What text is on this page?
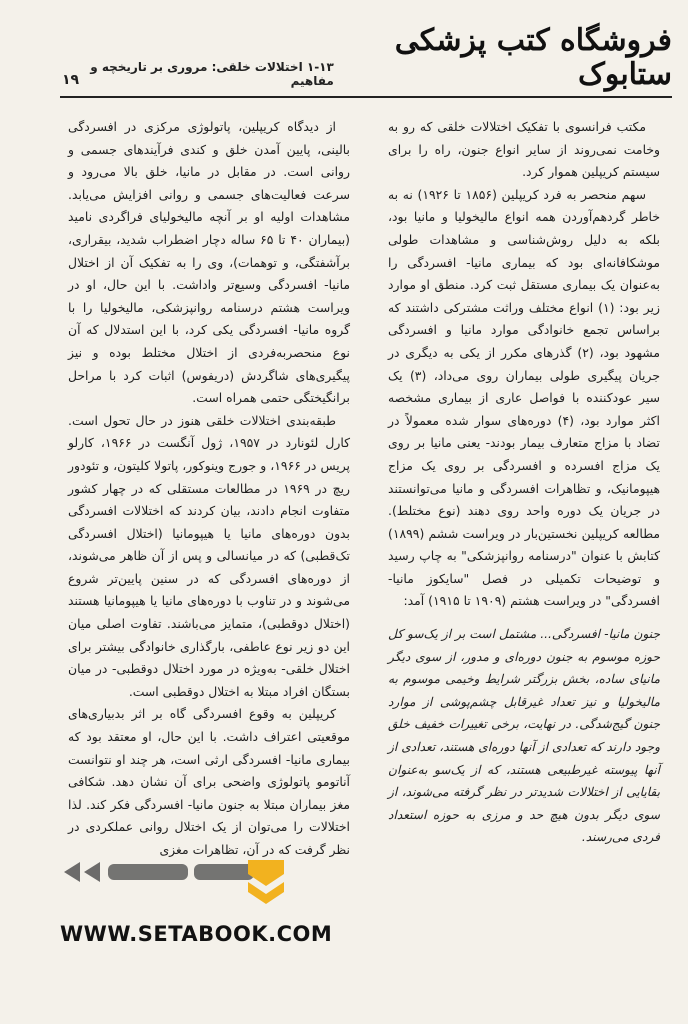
۱۹
فروشگاه کتب پزشکی ستابوک
۱-۱۳ اختلالات خلقی: مروری بر تاریخچه و مفاهیم

مکتب فرانسوی با تفکیک اختلالات خلقی که رو به وخامت نمی‌روند از سایر انواع جنون، راه را برای سیستم کریپلین هموار کرد.

سهم منحصر به فرد کریپلین (۱۸۵۶ تا ۱۹۲۶) نه به خاطر گردهم‌آوردن همه انواع مالیخولیا و مانیا بود، بلکه به دلیل روش‌شناسی و مشاهدات طولی موشکافانه‌ای بود که بیماری مانیا- افسردگی را به‌عنوان یک بیماری مستقل ثبت کرد. منطق او موارد زیر بود: (۱) انواع مختلف وراثت مشترکی داشتند که براساس تجمع خانوادگی موارد مانیا و افسردگی مشهود بود، (۲) گذرهای مکرر از یکی به دیگری در جریان پیگیری طولی بیماران روی می‌داد، (۳) یک سیر عودکننده با فواصل عاری از بیماری مشخصه اکثر موارد بود، (۴) دوره‌های سوار شده معمولاً در تضاد با مزاج متعارف بیمار بودند- یعنی مانیا بر روی یک مزاج افسرده و افسردگی بر روی یک مزاج هیپومانیک، و تظاهرات افسردگی و مانیا می‌توانستند در جریان یک دوره واحد روی دهند (نوع مختلط). مطالعه کریپلین نخستین‌بار در ویراست ششم (۱۸۹۹) کتابش با عنوان "درسنامه روانپزشکی" به چاپ رسید و توضیحات تکمیلی در فصل "سایکوز مانیا- افسردگی" در ویراست هشتم (۱۹۰۹ تا ۱۹۱۵) آمد:

جنون مانیا- افسردگی... مشتمل است بر از یک‌سو کل حوزه موسوم به جنون دوره‌ای و مدور، از سوی دیگر مانیای ساده، بخش بزرگتر شرایط وخیمی موسوم به مالیخولیا و نیز تعداد غیرقابل چشم‌پوشی از موارد جنون گیج‌شدگی. در نهایت، برخی تغییرات خفیف خلق وجود دارند که تعدادی از آنها دوره‌ای هستند، تعدادی از آنها پیوسته غیرطبیعی هستند، که از یک‌سو به‌عنوان بقایایی از اختلالات شدیدتر در نظر گرفته می‌شوند، از سوی دیگر بدون هیچ حد و مرزی به حوزه استعداد فردی می‌رسند.

از دیدگاه کریپلین، پاتولوژی مرکزی در افسردگی بالینی، پایین آمدن خلق و کندی فرآیندهای جسمی و روانی است. در مقابل در مانیا، خلق بالا می‌رود و سرعت فعالیت‌های جسمی و روانی افزایش می‌یابد. مشاهدات اولیه او بر آنچه مالیخولیای فراگردی نامید (بیماران ۴۰ تا ۶۵ ساله دچار اضطراب شدید، بیقراری، برآشفتگی، و توهمات)، وی را به تفکیک آن از اختلال مانیا- افسردگی وسیع‌تر واداشت. با این حال، او در ویراست هشتم درسنامه روانپزشکی، مالیخولیا را با گروه مانیا- افسردگی یکی کرد، با این استدلال که آن نوع منحصربه‌فردی از اختلال مختلط بوده و نیز پیگیری‌های شاگردش (دریفوس) اثبات کرد با مراحل برانگیختگی حتمی همراه است.

طبقه‌بندی اختلالات خلقی هنوز در حال تحول است. کارل لئونارد در ۱۹۵۷، ژول آنگست در ۱۹۶۶، کارلو پریس در ۱۹۶۶، و جورج وینوکور، پاتولا کلیتون، و تئودور ریچ در ۱۹۶۹ در مطالعات مستقلی که در چهار کشور متفاوت انجام دادند، بیان کردند که اختلالات افسردگی بدون دوره‌های مانیا یا هیپومانیا (اختلال افسردگی تک‌قطبی) که در میانسالی و پس از آن ظاهر می‌شوند، از دوره‌های افسردگی که در سنین پایین‌تر شروع می‌شوند و در تناوب با دوره‌های مانیا یا هیپومانیا هستند (اختلال دوقطبی)، متمایز می‌باشند. تفاوت اصلی میان این دو زیر نوع عاطفی، بارگذاری خانوادگی بیشتر برای اختلال خلقی- به‌ویژه در مورد اختلال دوقطبی- در میان بستگان افراد مبتلا به اختلال دوقطبی است.

کریپلین به وقوع افسردگی گاه بر اثر بدبیاری‌های موقعیتی اعتراف داشت. با این حال، او معتقد بود که بیماری مانیا- افسردگی ارثی است، هر چند او نتوانست آناتومو پاتولوژی واضحی برای آن نشان دهد. شکافی مغز بیماران مبتلا به جنون مانیا- افسردگی فکر کند. لذا اختلالات را می‌توان از یک اختلال روانی عملکردی در نظر گرفت که در آن، تظاهرات مغزی

WWW.SETABOOK.COM
